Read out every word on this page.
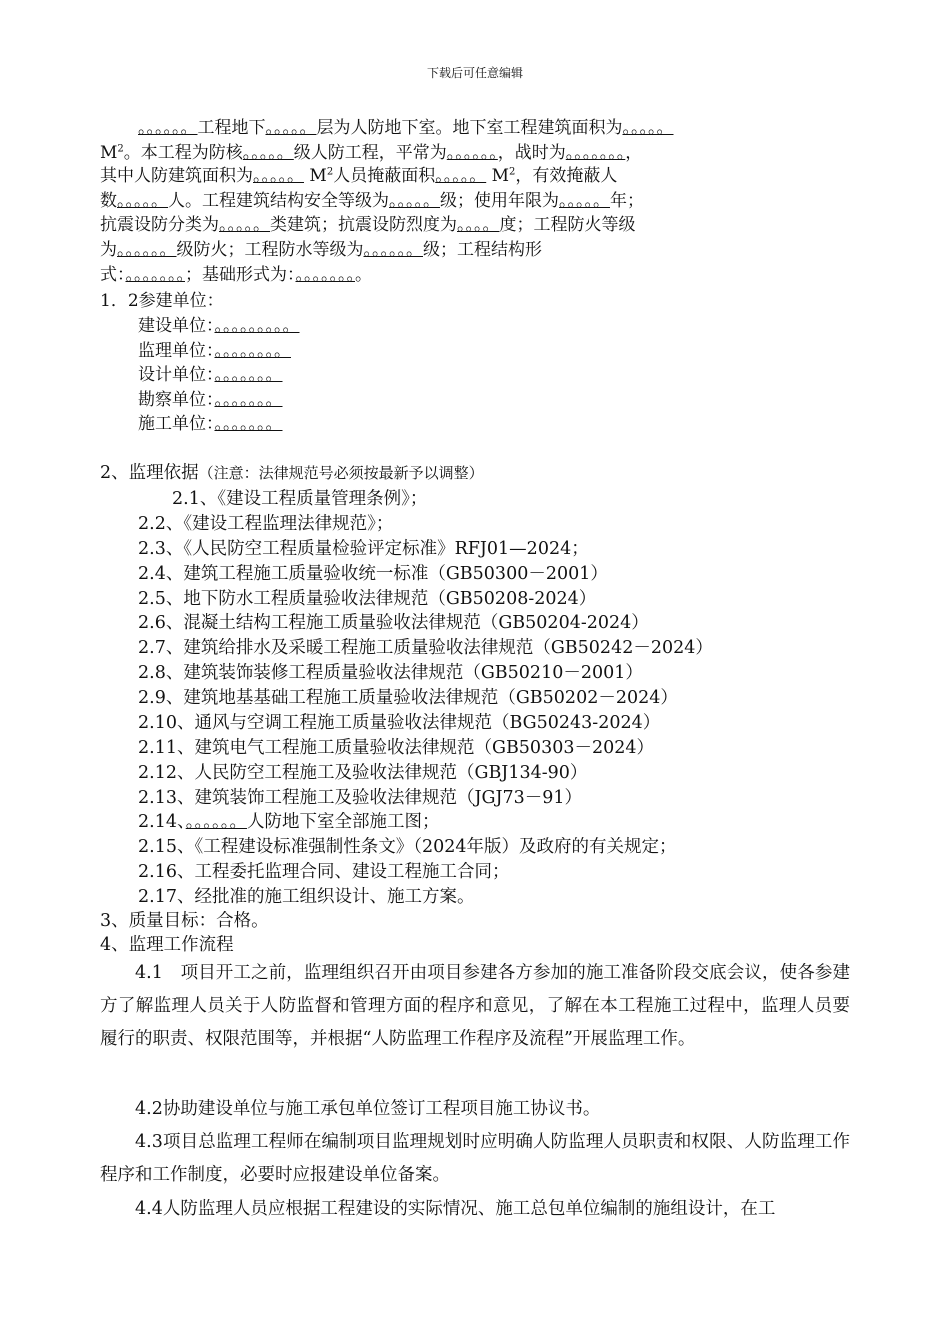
下载后可任意编辑
。。。。。。工程地下。。。。。层为人防地下室。地下室工程建筑面积为。。。。。
$M^2$。本工程为防核。。。。。级人防工程，平常为。。。。。。，战时为。。。。。。。，
其中人防建筑面积为。。。。。 $M^2$人员掩蔽面积。。。。。 $M^2$，有效掩蔽人
数。。。。。人。工程建筑结构安全等级为。。。。。级；使用年限为。。。。。年；
抗震设防分类为。。。。。类建筑；抗震设防烈度为。。。。度；工程防火等级
为。。。。。。级防火；工程防水等级为。。。。。。级；工程结构形
式：。。。。。。。；基础形式为：。。。。。。。。
1．2参建单位：
建设单位：。。。。。。。。。
监理单位：。。。。。。。。
设计单位：。。。。。。。
勘察单位：。。。。。。。
施工单位：。。。。。。。
2、监理依据（注意：法律规范号必须按最新予以调整）
2.1、《建设工程质量管理条例》；
2.2、《建设工程监理法律规范》；
2.3、《人民防空工程质量检验评定标准》RFJ01—2024；
2.4、建筑工程施工质量验收统一标准（GB50300－2001）
2.5、地下防水工程质量验收法律规范（GB50208-2024）
2.6、混凝土结构工程施工质量验收法律规范（GB50204-2024）
2.7、建筑给排水及采暖工程施工质量验收法律规范（GB50242－2024）
2.8、建筑装饰装修工程质量验收法律规范（GB50210－2001）
2.9、建筑地基基础工程施工质量验收法律规范（GB50202－2024）
2.10、通风与空调工程施工质量验收法律规范（BG50243-2024）
2.11、建筑电气工程施工质量验收法律规范（GB50303－2024）
2.12、人民防空工程施工及验收法律规范（GBJ134-90）
2.13、建筑装饰工程施工及验收法律规范（JGJ73－91）
2.14、。。。。。。人防地下室全部施工图；
2.15、《工程建设标准强制性条文》（2024年版）及政府的有关规定；
2.16、工程委托监理合同、建设工程施工合同；
2.17、经批准的施工组织设计、施工方案。
3、质量目标：合格。
4、监理工作流程
4.1　项目开工之前，监理组织召开由项目参建各方参加的施工准备阶段交底会议，使各参建方了解监理人员关于人防监督和管理方面的程序和意见，了解在本工程施工过程中，监理人员要履行的职责、权限范围等，并根据“人防监理工作程序及流程”开展监理工作。
4.2协助建设单位与施工承包单位签订工程项目施工协议书。
4.3项目总监理工程师在编制项目监理规划时应明确人防监理人员职责和权限、人防监理工作程序和工作制度，必要时应报建设单位备案。
4.4人防监理人员应根据工程建设的实际情况、施工总包单位编制的施组设计，在工
